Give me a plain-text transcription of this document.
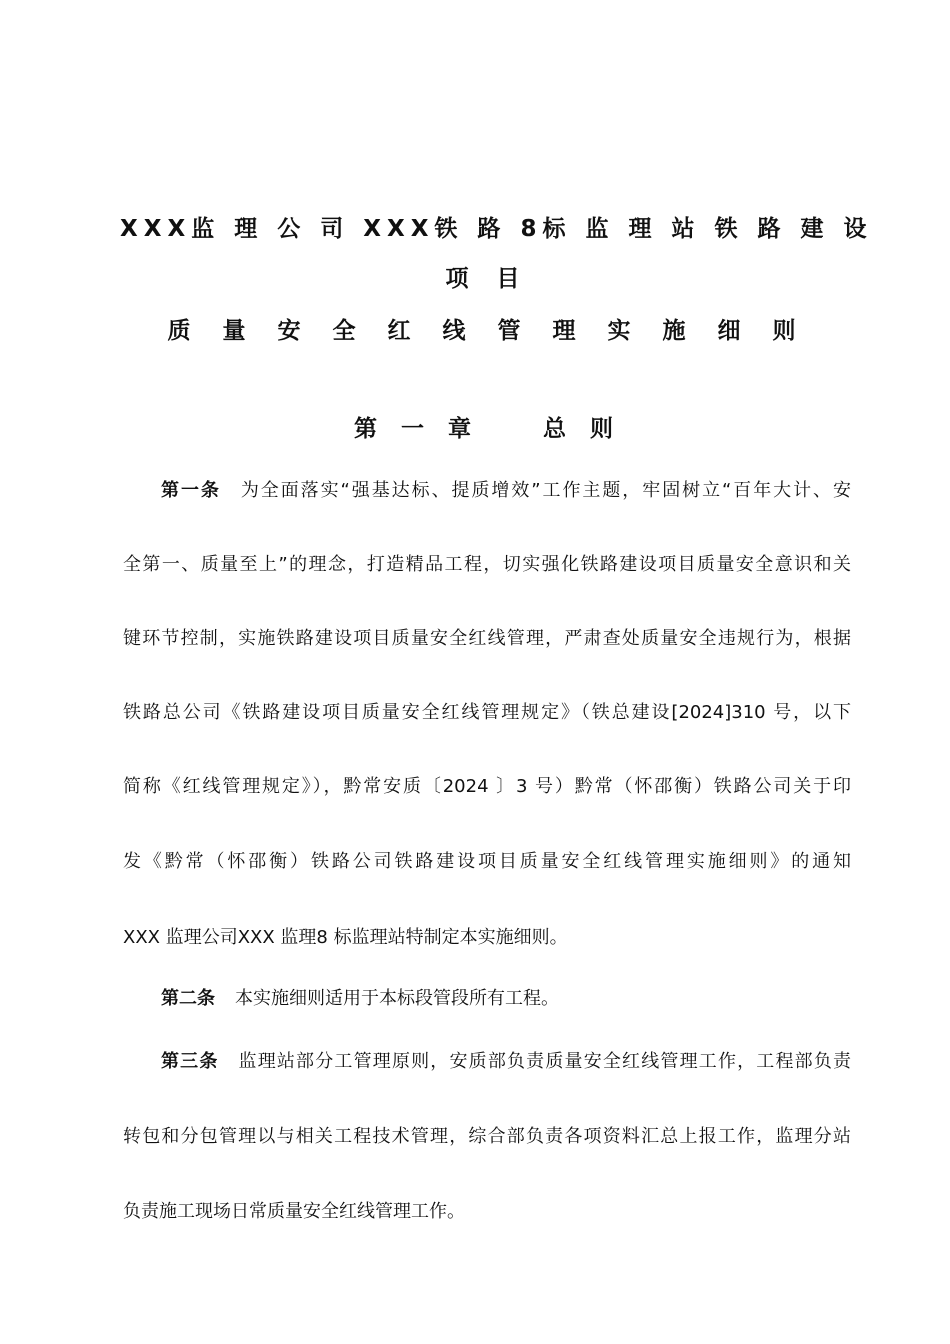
XXX监 理 公 司 XXX铁 路 8标 监 理 站 铁 路 建 设
项 目
质 量 安 全 红 线 管 理 实 施 细 则
第 一 章    总 则
第一条 为全面落实“强基达标、提质增效”工作主题，牢固树立“百年大计、安
全第一、质量至上”的理念，打造精品工程，切实强化铁路建设项目质量安全意识和关
键环节控制，实施铁路建设项目质量安全红线管理，严肃查处质量安全违规行为，根据
铁路总公司《铁路建设项目质量安全红线管理规定》（铁总建设[2024]310 号，以下
简称《红线管理规定》），黔常安质〔2024 〕3 号）黔常（怀邵衡）铁路公司关于印
发《黔常（怀邵衡）铁路公司铁路建设项目质量安全红线管理实施细则》的通知
XXX 监理公司XXX 监理8 标监理站特制定本实施细则。
第二条 本实施细则适用于本标段管段所有工程。
第三条 监理站部分工管理原则，安质部负责质量安全红线管理工作，工程部负责
转包和分包管理以与相关工程技术管理，综合部负责各项资料汇总上报工作，监理分站
负责施工现场日常质量安全红线管理工作。
